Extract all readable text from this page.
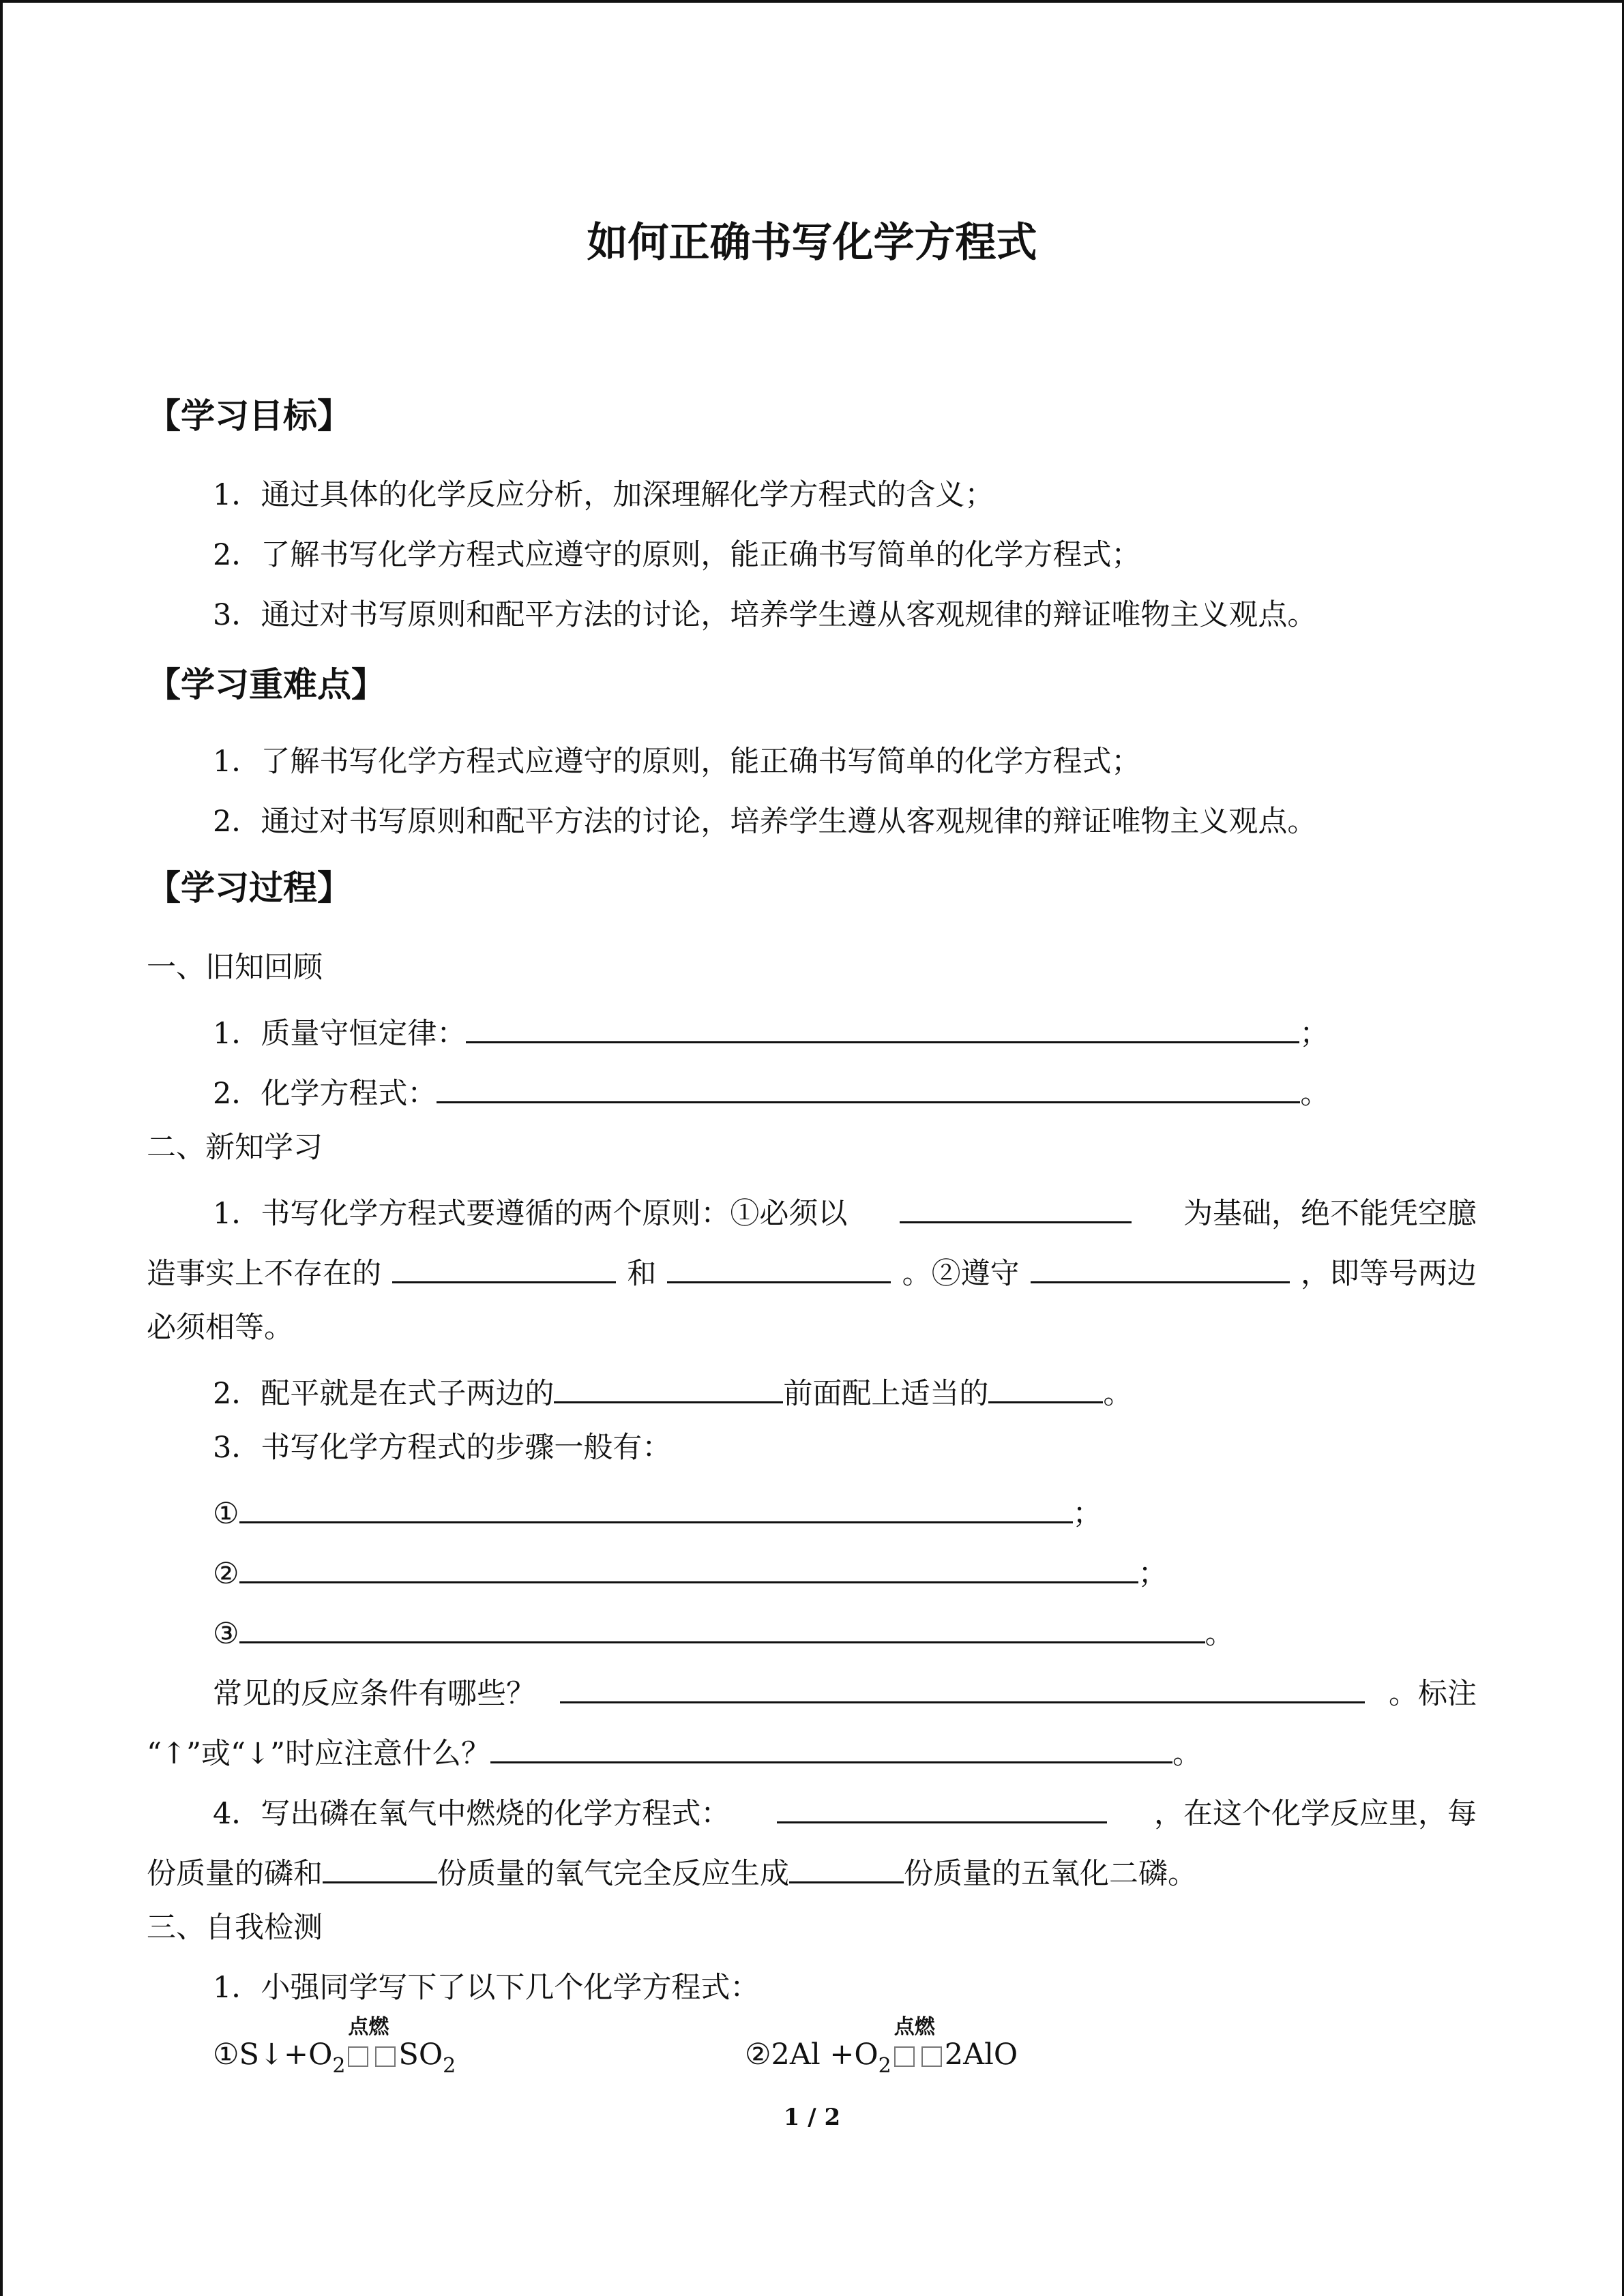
如何正确书写化学方程式
【学习目标】
1．通过具体的化学反应分析，加深理解化学方程式的含义；
2．了解书写化学方程式应遵守的原则，能正确书写简单的化学方程式；
3．通过对书写原则和配平方法的讨论，培养学生遵从客观规律的辩证唯物主义观点。
【学习重难点】
1．了解书写化学方程式应遵守的原则，能正确书写简单的化学方程式；
2．通过对书写原则和配平方法的讨论，培养学生遵从客观规律的辩证唯物主义观点。
【学习过程】
一、旧知回顾
1．质量守恒定律：	；
2．化学方程式：	。
二、新知学习
1．书写化学方程式要遵循的两个原则：①必须以	为基础，绝不能凭空臆
造事实上不存在的	和	。②遵守	，即等号两边
必须相等。
2．配平就是在式子两边的	前面配上适当的	。
3．书写化学方程式的步骤一般有：
①	；
②	；
③	。
常见的反应条件有哪些？	。标注
“↑”或“↓”时应注意什么？	。
4．写出磷在氧气中燃烧的化学方程式：	，在这个化学反应里，每
份质量的磷和	份质量的氧气完全反应生成	份质量的五氧化二磷。
三、自我检测
1．小强同学写下了以下几个化学方程式：
$①S↓+O_2$
点燃
$SO_2$	②2Al $+O_2$
点燃
2AlO
1 / 2
